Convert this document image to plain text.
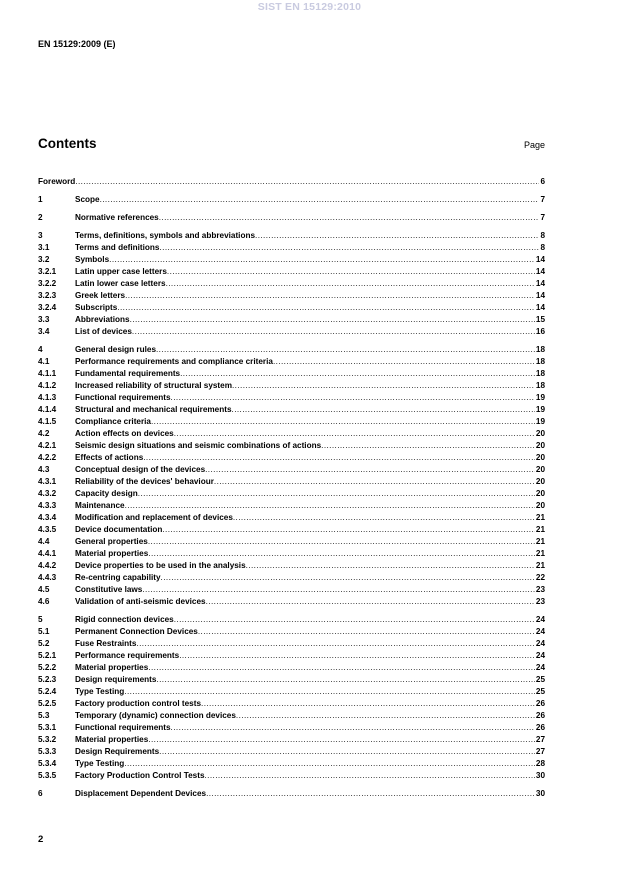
SIST EN 15129:2010
EN 15129:2009 (E)
Contents	Page
Foreword .....	6
1	Scope .....	7
2	Normative references .....	7
3	Terms, definitions, symbols and abbreviations .....	8
3.1	Terms and definitions .....	8
3.2	Symbols .....	14
3.2.1	Latin upper case letters .....	14
3.2.2	Latin lower case letters .....	14
3.2.3	Greek letters .....	14
3.2.4	Subscripts .....	14
3.3	Abbreviations .....	15
3.4	List of devices .....	16
4	General design rules .....	18
4.1	Performance requirements and compliance criteria .....	18
4.1.1	Fundamental requirements .....	18
4.1.2	Increased reliability of structural system .....	18
4.1.3	Functional requirements .....	19
4.1.4	Structural and mechanical requirements .....	19
4.1.5	Compliance criteria .....	19
4.2	Action effects on devices .....	20
4.2.1	Seismic design situations and seismic combinations of actions .....	20
4.2.2	Effects of actions .....	20
4.3	Conceptual design of the devices .....	20
4.3.1	Reliability of the devices' behaviour .....	20
4.3.2	Capacity design .....	20
4.3.3	Maintenance .....	20
4.3.4	Modification and replacement of devices .....	21
4.3.5	Device documentation .....	21
4.4	General properties .....	21
4.4.1	Material properties .....	21
4.4.2	Device properties to be used in the analysis .....	21
4.4.3	Re-centring capability .....	22
4.5	Constitutive laws .....	23
4.6	Validation of anti-seismic devices .....	23
5	Rigid connection devices .....	24
5.1	Permanent Connection Devices .....	24
5.2	Fuse Restraints .....	24
5.2.1	Performance requirements .....	24
5.2.2	Material properties .....	24
5.2.3	Design requirements .....	25
5.2.4	Type Testing .....	25
5.2.5	Factory production control tests .....	26
5.3	Temporary (dynamic) connection devices .....	26
5.3.1	Functional requirements .....	26
5.3.2	Material properties .....	27
5.3.3	Design Requirements .....	27
5.3.4	Type Testing .....	28
5.3.5	Factory Production Control Tests .....	30
6	Displacement Dependent Devices .....	30
2
